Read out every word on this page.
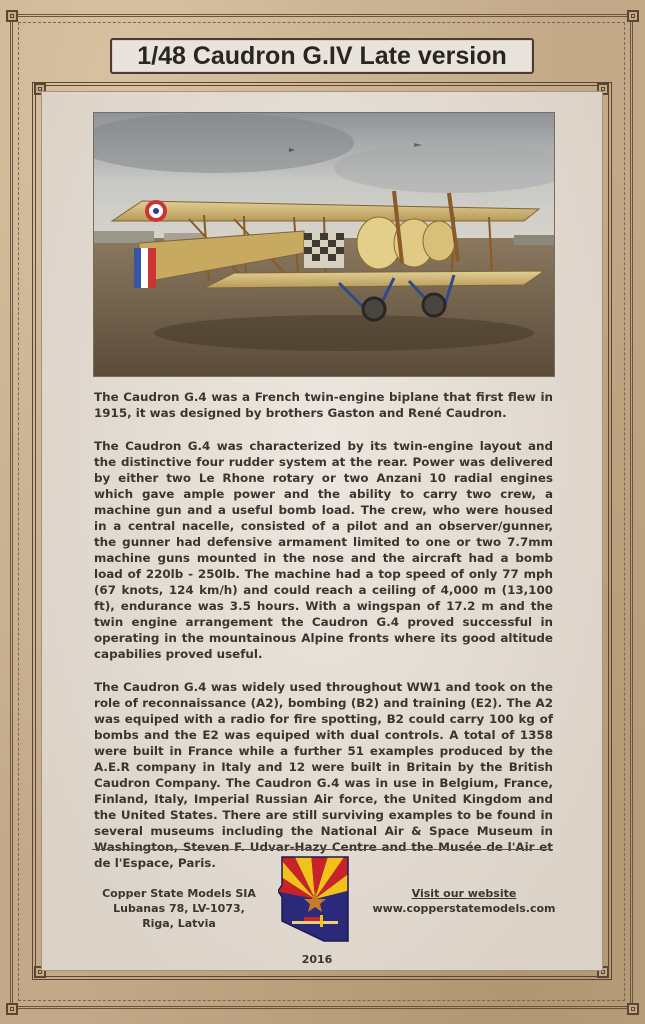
1/48 Caudron G.IV Late version

The Caudron G.4 was a French twin-engine biplane that first flew in 1915, it was designed by brothers Gaston and René Caudron.

The Caudron G.4 was characterized by its twin-engine layout and the distinctive four rudder system at the rear. Power was delivered by either two Le Rhone rotary or two Anzani 10 radial engines which gave ample power and the ability to carry two crew, a machine gun and a useful bomb load. The crew, who were housed in a central nacelle, consisted of a pilot and an observer/gunner, the gunner had defensive armament limited to one or two 7.7mm machine guns mounted in the nose and the aircraft had a bomb load of 220lb - 250lb. The machine had a top speed of only 77 mph (67 knots, 124 km/h) and could reach a ceiling of 4,000 m (13,100 ft), endurance was 3.5 hours. With a wingspan of 17.2 m and the twin engine arrangement the Caudron G.4 proved successful in operating in the mountainous Alpine fronts where its good altitude capabilies proved useful.

The Caudron G.4 was widely used throughout WW1 and took on the role of reconnaissance (A2), bombing (B2) and training (E2). The A2 was equiped with a radio for fire spotting, B2 could carry 100 kg of bombs and the E2 was equiped with dual controls. A total of 1358 were built in France while a further 51 examples produced by the A.E.R company in Italy and 12 were built in Britain by the British Caudron Company. The Caudron G.4 was in use in Belgium, France, Finland, Italy, Imperial Russian Air force, the United Kingdom and the United States. There are still surviving examples to be found in several museums including the National Air & Space Museum in Washington, Steven F. Udvar-Hazy Centre and the Musée de l'Air et de l'Espace, Paris.

Copper State Models SIA
Lubanas 78, LV-1073,
Riga, Latvia
2016
Visit our website
www.copperstatemodels.com
